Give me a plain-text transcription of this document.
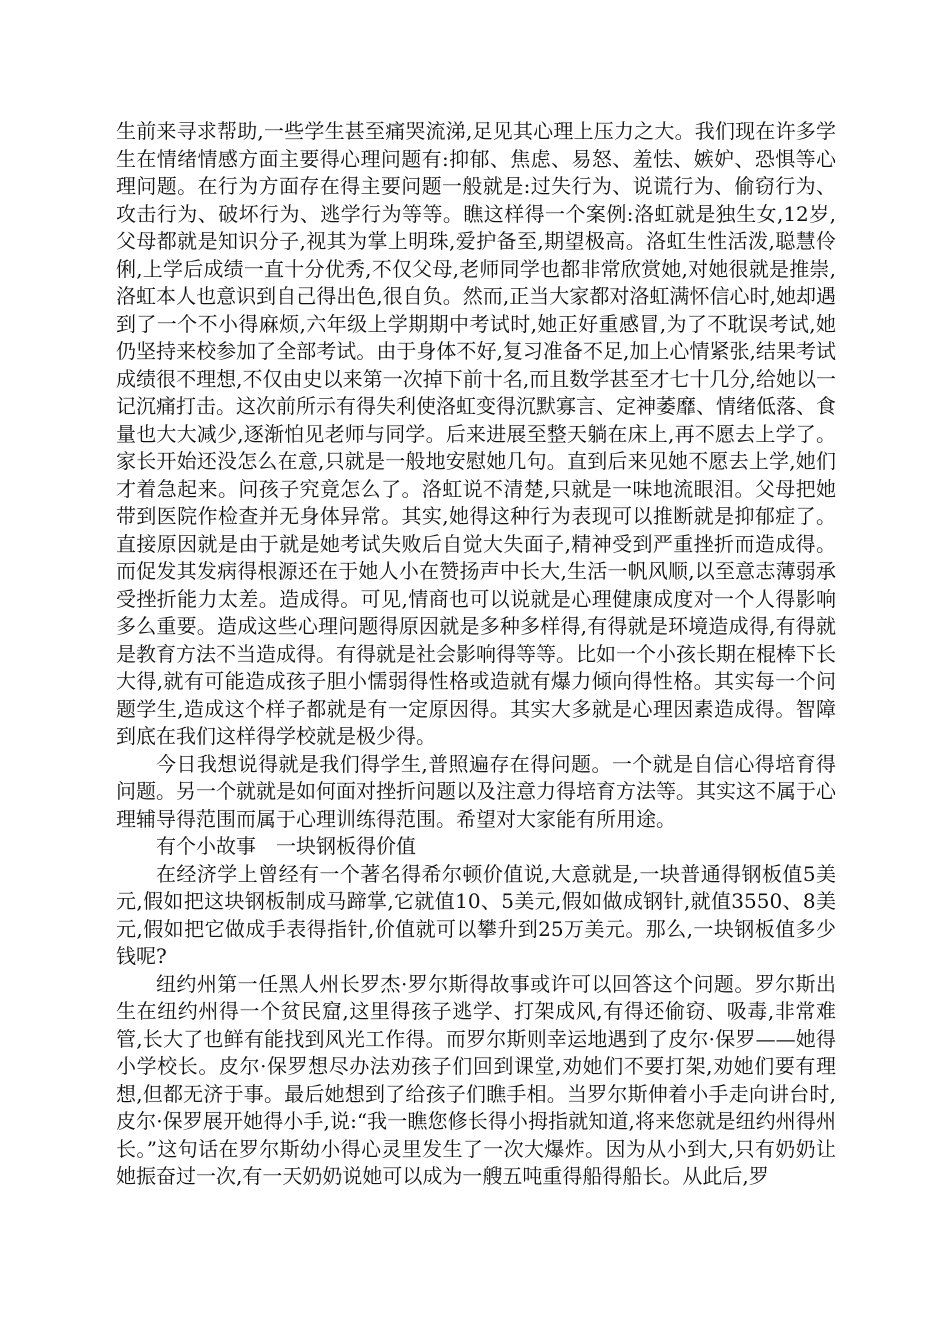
生前来寻求帮助,一些学生甚至痛哭流涕,足见其心理上压力之大。我们现在许多学生在情绪情感方面主要得心理问题有:抑郁、焦虑、易怒、羞怯、嫉妒、恐惧等心理问题。在行为方面存在得主要问题一般就是:过失行为、说谎行为、偷窃行为、攻击行为、破坏行为、逃学行为等等。瞧这样得一个案例:洛虹就是独生女,12岁,父母都就是知识分子,视其为掌上明珠,爱护备至,期望极高。洛虹生性活泼,聪慧伶俐,上学后成绩一直十分优秀,不仅父母,老师同学也都非常欣赏她,对她很就是推崇,洛虹本人也意识到自己得出色,很自负。然而,正当大家都对洛虹满怀信心时,她却遇到了一个不小得麻烦,六年级上学期期中考试时,她正好重感冒,为了不耽误考试,她仍坚持来校参加了全部考试。由于身体不好,复习准备不足,加上心情紧张,结果考试成绩很不理想,不仅由史以来第一次掉下前十名,而且数学甚至才七十几分,给她以一记沉痛打击。这次前所示有得失利使洛虹变得沉默寡言、定神萎靡、情绪低落、食量也大大减少,逐渐怕见老师与同学。后来进展至整天躺在床上,再不愿去上学了。家长开始还没怎么在意,只就是一般地安慰她几句。直到后来见她不愿去上学,她们才着急起来。问孩子究竟怎么了。洛虹说不清楚,只就是一味地流眼泪。父母把她带到医院作检查并无身体异常。其实,她得这种行为表现可以推断就是抑郁症了。直接原因就是由于就是她考试失败后自觉大失面子,精神受到严重挫折而造成得。而促发其发病得根源还在于她人小在赞扬声中长大,生活一帆风顺,以至意志薄弱承受挫折能力太差。造成得。可见,情商也可以说就是心理健康成度对一个人得影响多么重要。造成这些心理问题得原因就是多种多样得,有得就是环境造成得,有得就是教育方法不当造成得。有得就是社会影响得等等。比如一个小孩长期在棍棒下长大得,就有可能造成孩子胆小懦弱得性格或造就有爆力倾向得性格。其实每一个问题学生,造成这个样子都就是有一定原因得。其实大多就是心理因素造成得。智障到底在我们这样得学校就是极少得。

今日我想说得就是我们得学生,普照遍存在得问题。一个就是自信心得培育得问题。另一个就就是如何面对挫折问题以及注意力得培育方法等。其实这不属于心理辅导得范围而属于心理训练得范围。希望对大家能有所用途。

有个小故事　一块钢板得价值

在经济学上曾经有一个著名得希尔顿价值说,大意就是,一块普通得钢板值5美元,假如把这块钢板制成马蹄掌,它就值10、5美元,假如做成钢针,就值3550、8美元,假如把它做成手表得指针,价值就可以攀升到25万美元。那么,一块钢板值多少钱呢?

纽约州第一任黑人州长罗杰·罗尔斯得故事或许可以回答这个问题。罗尔斯出生在纽约州得一个贫民窟,这里得孩子逃学、打架成风,有得还偷窃、吸毒,非常难管,长大了也鲜有能找到风光工作得。而罗尔斯则幸运地遇到了皮尔·保罗——她得小学校长。皮尔·保罗想尽办法劝孩子们回到课堂,劝她们不要打架,劝她们要有理想,但都无济于事。最后她想到了给孩子们瞧手相。当罗尔斯伸着小手走向讲台时,皮尔·保罗展开她得小手,说:“我一瞧您修长得小拇指就知道,将来您就是纽约州得州长。”这句话在罗尔斯幼小得心灵里发生了一次大爆炸。因为从小到大,只有奶奶让她振奋过一次,有一天奶奶说她可以成为一艘五吨重得船得船长。从此后,罗
